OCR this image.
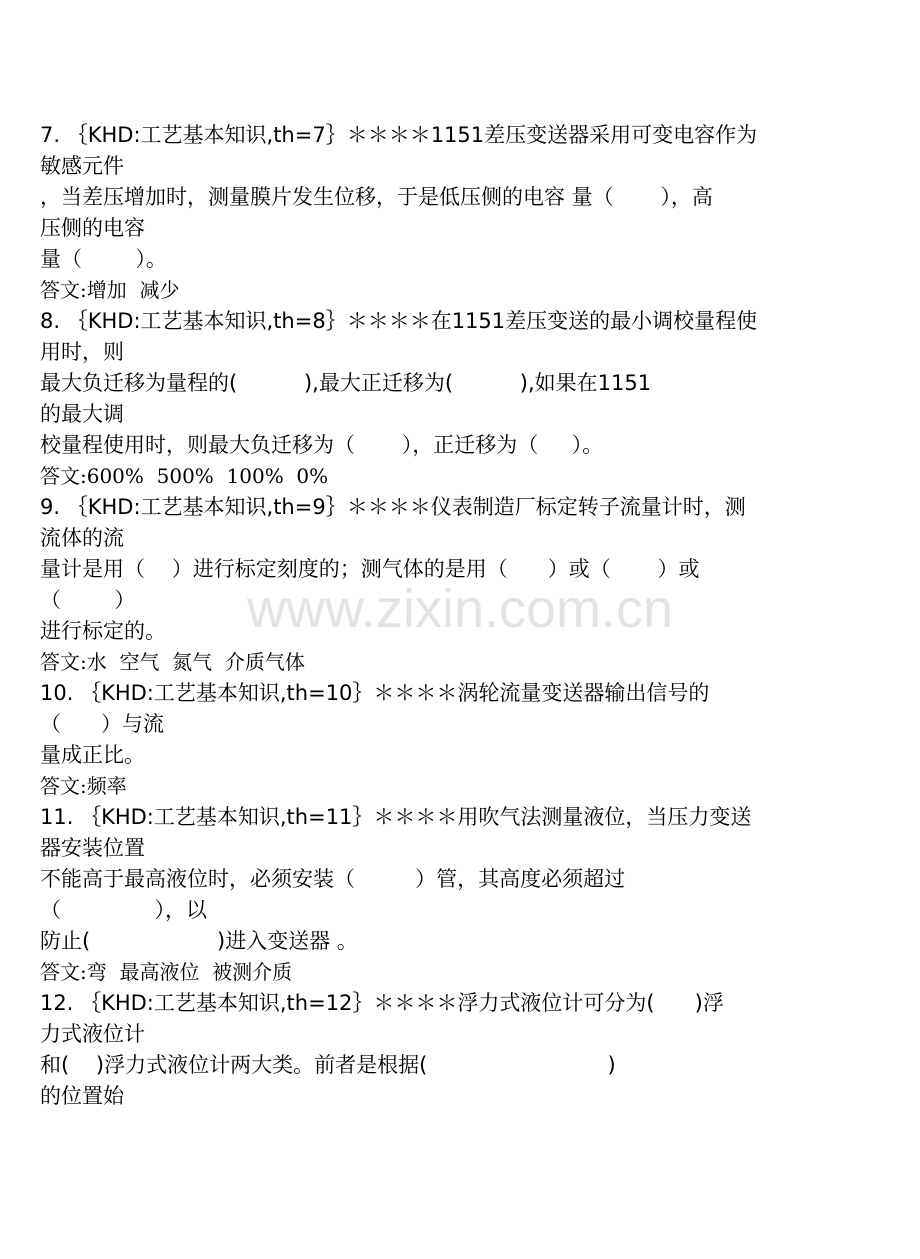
www.zixin.com.cn
7. ｛KHD:工艺基本知识,th=7｝＊＊＊＊1151差压变送器采用可变电容作为
敏感元件
，当差压增加时，测量膜片发生位移，于是低压侧的电容 量（       ），高
压侧的电容
量（        ）。
答文:增加  减少
8. ｛KHD:工艺基本知识,th=8｝＊＊＊＊在1151差压变送的最小调校量程使
用时，则
最大负迁移为量程的(          ),最大正迁移为(          ),如果在1151
的最大调
校量程使用时，则最大负迁移为（       ），正迁移为（     ）。
答文:600%  500%  100%  0%
9. ｛KHD:工艺基本知识,th=9｝＊＊＊＊仪表制造厂标定转子流量计时，测
流体的流
量计是用（    ）进行标定刻度的；测气体的是用（      ）或（       ）或
（        ）
进行标定的。
答文:水  空气  氮气  介质气体
10. ｛KHD:工艺基本知识,th=10｝＊＊＊＊涡轮流量变送器输出信号的
（      ）与流
量成正比。
答文:频率
11. ｛KHD:工艺基本知识,th=11｝＊＊＊＊用吹气法测量液位，当压力变送
器安装位置
不能高于最高液位时，必须安装（         ）管，其高度必须超过
（              ），以
防止(                   )进入变送器 。
答文:弯  最高液位  被测介质
12. ｛KHD:工艺基本知识,th=12｝＊＊＊＊浮力式液位计可分为(      )浮
力式液位计
和(    )浮力式液位计两大类。前者是根据(                           )
的位置始
